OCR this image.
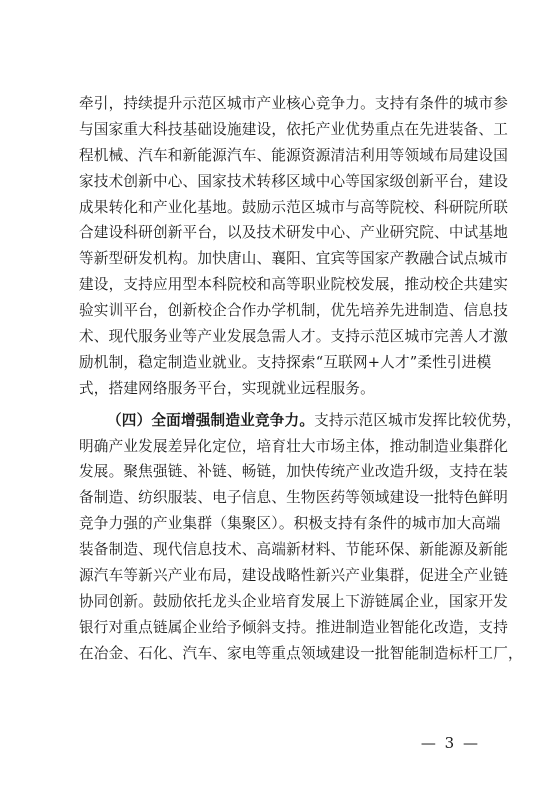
牵引，持续提升示范区城市产业核心竞争力。支持有条件的城市参
与国家重大科技基础设施建设，依托产业优势重点在先进装备、工
程机械、汽车和新能源汽车、能源资源清洁利用等领域布局建设国
家技术创新中心、国家技术转移区域中心等国家级创新平台，建设
成果转化和产业化基地。鼓励示范区城市与高等院校、科研院所联
合建设科研创新平台，以及技术研发中心、产业研究院、中试基地
等新型研发机构。加快唐山、襄阳、宜宾等国家产教融合试点城市
建设，支持应用型本科院校和高等职业院校发展，推动校企共建实
验实训平台，创新校企合作办学机制，优先培养先进制造、信息技
术、现代服务业等产业发展急需人才。支持示范区城市完善人才激
励机制，稳定制造业就业。支持探索“互联网+人才”柔性引进模
式，搭建网络服务平台，实现就业远程服务。
（四）全面增强制造业竞争力。支持示范区城市发挥比较优势，
明确产业发展差异化定位，培育壮大市场主体，推动制造业集群化
发展。聚焦强链、补链、畅链，加快传统产业改造升级，支持在装
备制造、纺织服装、电子信息、生物医药等领域建设一批特色鲜明
竞争力强的产业集群（集聚区）。积极支持有条件的城市加大高端
装备制造、现代信息技术、高端新材料、节能环保、新能源及新能
源汽车等新兴产业布局，建设战略性新兴产业集群，促进全产业链
协同创新。鼓励依托龙头企业培育发展上下游链属企业，国家开发
银行对重点链属企业给予倾斜支持。推进制造业智能化改造，支持
在冶金、石化、汽车、家电等重点领域建设一批智能制造标杆工厂，
— 3 —
